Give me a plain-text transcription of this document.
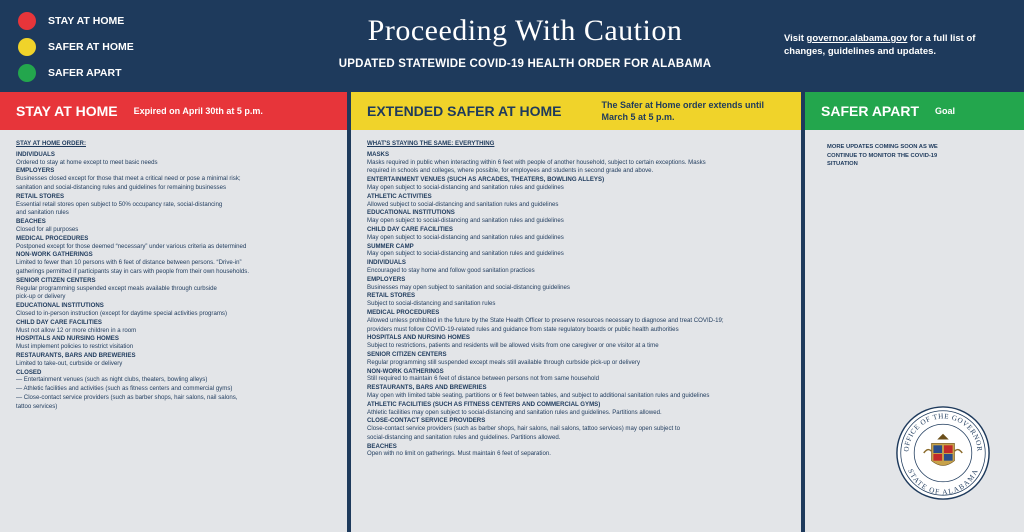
STAY AT HOME
SAFER AT HOME
SAFER APART
Proceeding With Caution
UPDATED STATEWIDE COVID-19 HEALTH ORDER FOR ALABAMA
Visit governor.alabama.gov for a full list of changes, guidelines and updates.
STAY AT HOME Expired on April 30th at 5 p.m.
STAY AT HOME ORDER:
INDIVIDUALS
Ordered to stay at home except to meet basic needs
EMPLOYERS
Businesses closed except for those that meet a critical need or pose a minimal risk;
sanitation and social-distancing rules and guidelines for remaining businesses
RETAIL STORES
Essential retail stores open subject to 50% occupancy rate, social-distancing
and sanitation rules
BEACHES
Closed for all purposes
MEDICAL PROCEDURES
Postponed except for those deemed “necessary” under various criteria as determined
NON-WORK GATHERINGS
Limited to fewer than 10 persons with 6 feet of distance between persons. “Drive-in”
gatherings permitted if participants stay in cars with people from their own households.
SENIOR CITIZEN CENTERS
Regular programming suspended except meals available through curbside
pick-up or delivery
EDUCATIONAL INSTITUTIONS
Closed to in-person instruction (except for daytime special activities programs)
CHILD DAY CARE FACILITIES
Must not allow 12 or more children in a room
HOSPITALS AND NURSING HOMES
Must implement policies to restrict visitation
RESTAURANTS, BARS AND BREWERIES
Limited to take-out, curbside or delivery
CLOSED
— Entertainment venues (such as night clubs, theaters, bowling alleys)
— Athletic facilities and activities (such as fitness centers and commercial gyms)
— Close-contact service providers (such as barber shops, hair salons, nail salons,
tattoo services)
EXTENDED SAFER AT HOME	The Safer at Home order extends until March 5 at 5 p.m.
WHAT'S STAYING THE SAME: EVERYTHING
MASKS
Masks required in public when interacting within 6 feet with people of another household, subject to certain exceptions. Masks
required in schools and colleges, where possible, for employees and students in second grade and above.
ENTERTAINMENT VENUES (SUCH AS ARCADES, THEATERS, BOWLING ALLEYS)
May open subject to social-distancing and sanitation rules and guidelines
ATHLETIC ACTIVITIES
Allowed subject to social-distancing and sanitation rules and guidelines
EDUCATIONAL INSTITUTIONS
May open subject to social-distancing and sanitation rules and guidelines
CHILD DAY CARE FACILITIES
May open subject to social-distancing and sanitation rules and guidelines
SUMMER CAMP
May open subject to social-distancing and sanitation rules and guidelines
INDIVIDUALS
Encouraged to stay home and follow good sanitation practices
EMPLOYERS
Businesses may open subject to sanitation and social-distancing guidelines
RETAIL STORES
Subject to social-distancing and sanitation rules
MEDICAL PROCEDURES
Allowed unless prohibited in the future by the State Health Officer to preserve resources necessary to diagnose and treat COVID-19;
providers must follow COVID-19-related rules and guidance from state regulatory boards or public health authorities
HOSPITALS AND NURSING HOMES
Subject to restrictions, patients and residents will be allowed visits from one caregiver or one visitor at a time
SENIOR CITIZEN CENTERS
Regular programming still suspended except meals still available through curbside pick-up or delivery
NON-WORK GATHERINGS
Still required to maintain 6 feet of distance between persons not from same household
RESTAURANTS, BARS AND BREWERIES
May open with limited table seating, partitions or 6 feet between tables, and subject to additional sanitation rules and guidelines
ATHLETIC FACILITIES (SUCH AS FITNESS CENTERS AND COMMERCIAL GYMS)
Athletic facilities may open subject to social-distancing and sanitation rules and guidelines. Partitions allowed.
CLOSE-CONTACT SERVICE PROVIDERS
Close-contact service providers (such as barber shops, hair salons, nail salons, tattoo services) may open subject to
social-distancing and sanitation rules and guidelines. Partitions allowed.
BEACHES
Open with no limit on gatherings. Must maintain 6 feet of separation.
SAFER APART Goal
MORE UPDATES COMING SOON AS WE
CONTINUE TO MONITOR THE COVID-19
SITUATION
OFFICE OF THE GOVERNOR
STATE OF ALABAMA
